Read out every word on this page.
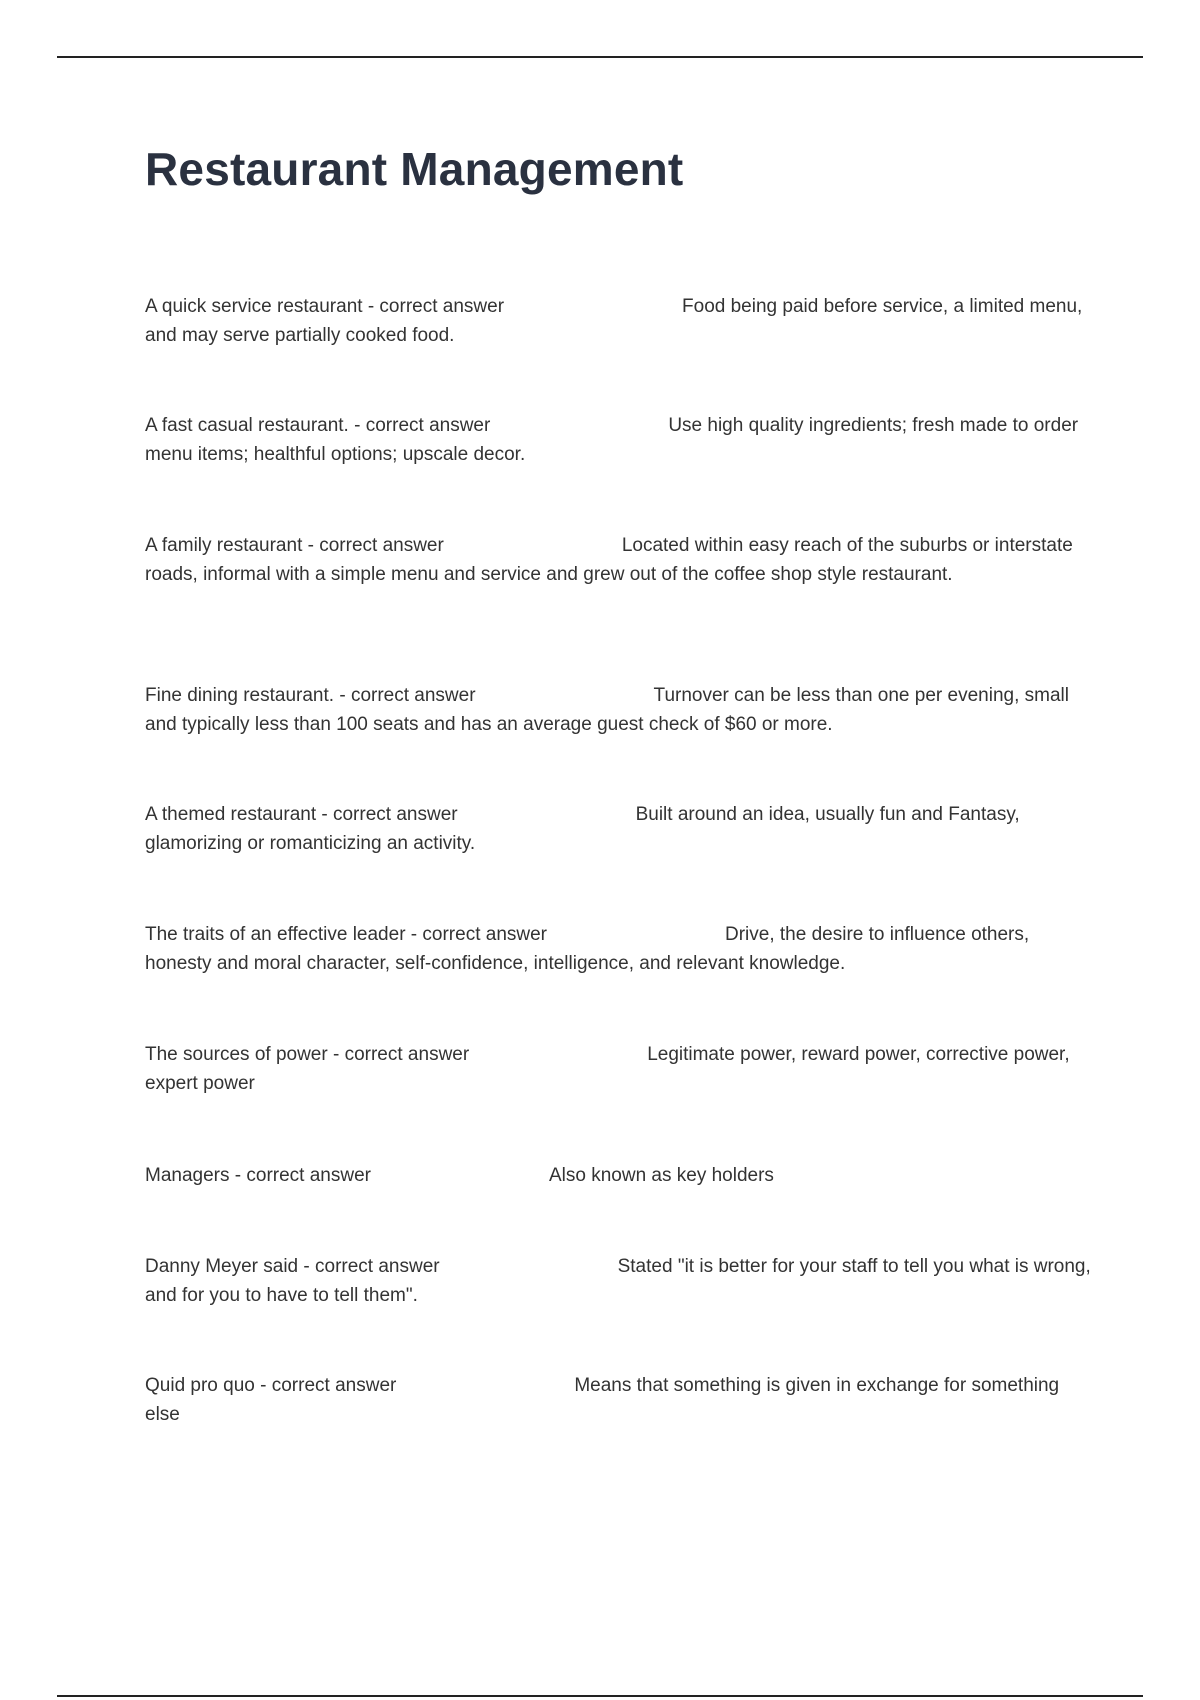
Restaurant Management
A quick service restaurant - correct answer	Food being paid before service, a limited menu, and may serve partially cooked food.
A fast casual restaurant. - correct answer	Use high quality ingredients; fresh made to order menu items; healthful options; upscale decor.
A family restaurant - correct answer	Located within easy reach of the suburbs or interstate roads, informal with a simple menu and service and grew out of the coffee shop style restaurant.
Fine dining restaurant. - correct answer	Turnover can be less than one per evening, small and typically less than 100 seats and has an average guest check of $60 or more.
A themed restaurant - correct answer	Built around an idea, usually fun and Fantasy, glamorizing or romanticizing an activity.
The traits of an effective leader - correct answer	Drive, the desire to influence others, honesty and moral character, self-confidence, intelligence, and relevant knowledge.
The sources of power - correct answer	Legitimate power, reward power, corrective power, expert power
Managers - correct answer	Also known as key holders
Danny Meyer said - correct answer	Stated "it is better for your staff to tell you what is wrong, and for you to have to tell them".
Quid pro quo - correct answer	Means that something is given in exchange for something else
